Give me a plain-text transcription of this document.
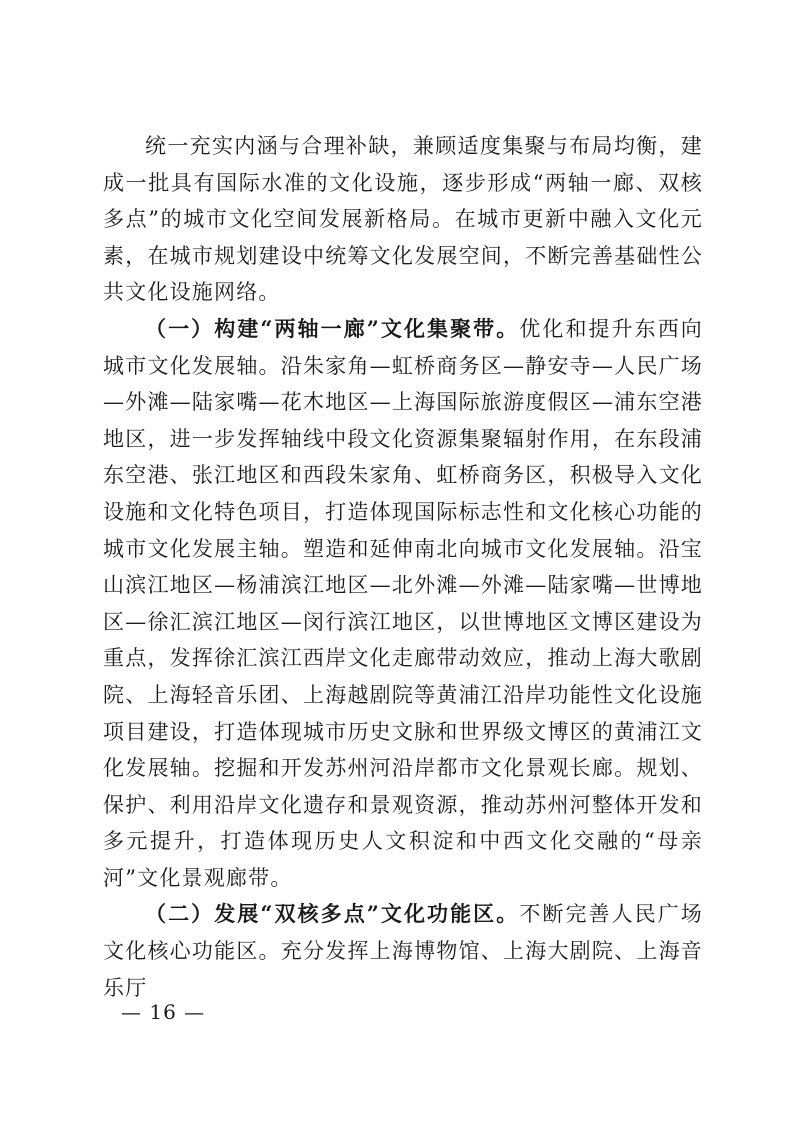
统一充实内涵与合理补缺，兼顾适度集聚与布局均衡，建成一批具有国际水准的文化设施，逐步形成“两轴一廊、双核多点”的城市文化空间发展新格局。在城市更新中融入文化元素，在城市规划建设中统筹文化发展空间，不断完善基础性公共文化设施网络。

（一）构建“两轴一廊”文化集聚带。优化和提升东西向城市文化发展轴。沿朱家角—虹桥商务区—静安寺—人民广场—外滩—陆家嘴—花木地区—上海国际旅游度假区—浦东空港地区，进一步发挥轴线中段文化资源集聚辐射作用，在东段浦东空港、张江地区和西段朱家角、虹桥商务区，积极导入文化设施和文化特色项目，打造体现国际标志性和文化核心功能的城市文化发展主轴。塑造和延伸南北向城市文化发展轴。沿宝山滨江地区—杨浦滨江地区—北外滩—外滩—陆家嘴—世博地区—徐汇滨江地区—闵行滨江地区，以世博地区文博区建设为重点，发挥徐汇滨江西岸文化走廊带动效应，推动上海大歌剧院、上海轻音乐团、上海越剧院等黄浦江沿岸功能性文化设施项目建设，打造体现城市历史文脉和世界级文博区的黄浦江文化发展轴。挖掘和开发苏州河沿岸都市文化景观长廊。规划、保护、利用沿岸文化遗存和景观资源，推动苏州河整体开发和多元提升，打造体现历史人文积淀和中西文化交融的“母亲河”文化景观廊带。

（二）发展“双核多点”文化功能区。不断完善人民广场文化核心功能区。充分发挥上海博物馆、上海大剧院、上海音乐厅

— 16 —
